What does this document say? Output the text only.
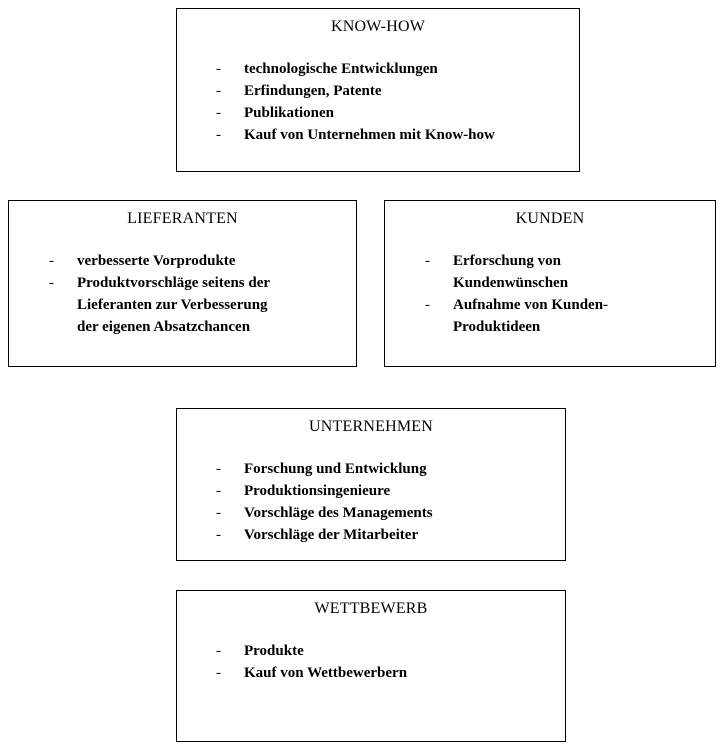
KNOW-HOW
- technologische Entwicklungen
- Erfindungen, Patente
- Publikationen
- Kauf von Unternehmen mit Know-how
LIEFERANTEN
- verbesserte Vorprodukte
- Produktvorschläge seitens der
Lieferanten zur Verbesserung
der eigenen Absatzchancen
KUNDEN
- Erforschung von
Kundenwünschen
- Aufnahme von Kunden-
Produktideen
UNTERNEHMEN
- Forschung und Entwicklung
- Produktionsingenieure
- Vorschläge des Managements
- Vorschläge der Mitarbeiter
WETTBEWERB
- Produkte
- Kauf von Wettbewerbern
